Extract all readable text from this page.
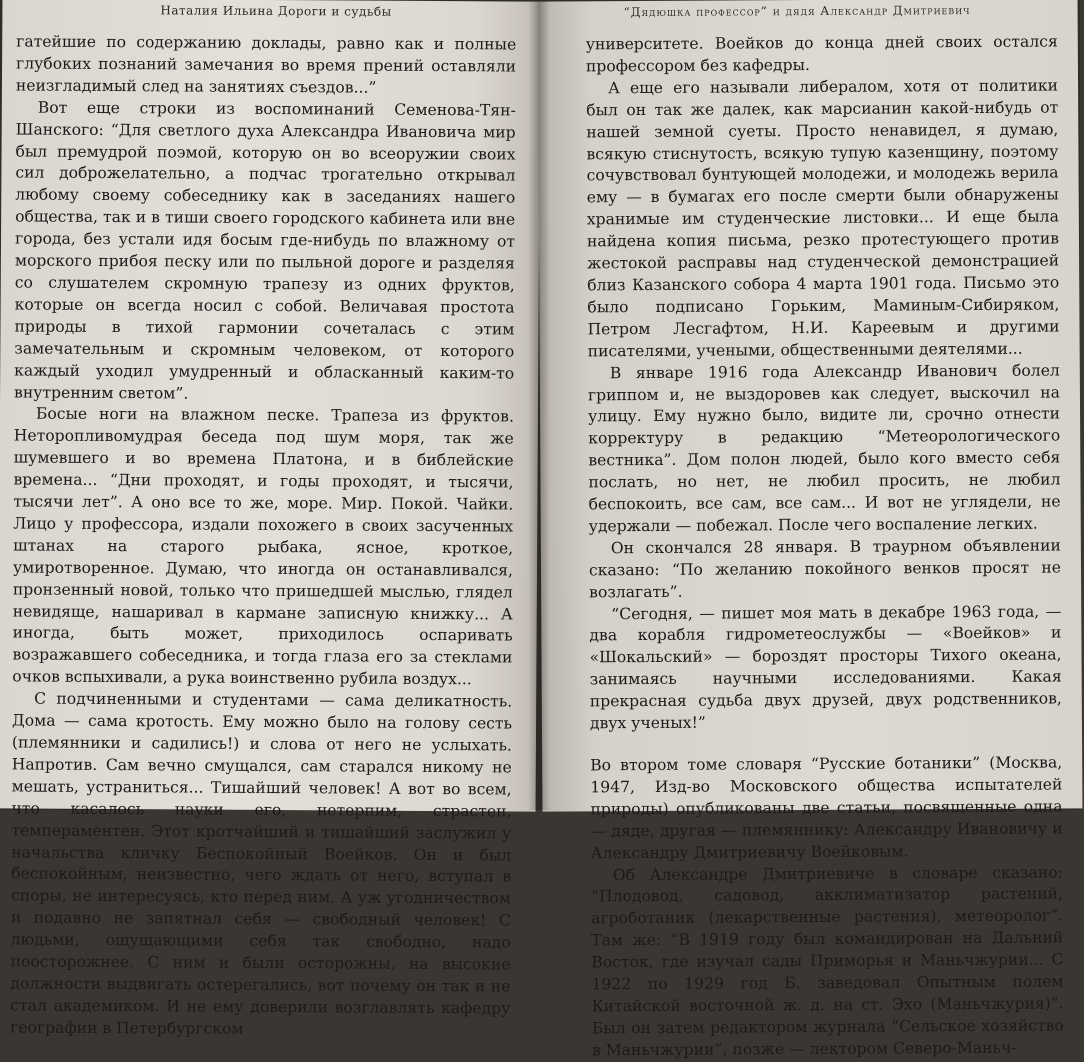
Наталия Ильина Дороги и судьбы

гатейшие по содержанию доклады, равно как и полные глубоких познаний замечания во время прений оставляли неизгладимый след на занятиях съездов...”

Вот еще строки из воспоминаний Семенова-Тян-Шанского: “Для светлого духа Александра Ивановича мир был премудрой поэмой, которую он во всеоружии своих сил доброжелательно, а подчас трогательно открывал любому своему собеседнику как в заседаниях нашего общества, так и в тиши своего городского кабинета или вне города, без устали идя босым где-нибудь по влажному от морского прибоя песку или по пыльной дороге и разделяя со слушателем скромную трапезу из одних фруктов, которые он всегда носил с собой. Величавая простота природы в тихой гармонии сочеталась с этим замечательным и скромным человеком, от которого каждый уходил умудренный и обласканный каким-то внутренним светом”.

Босые ноги на влажном песке. Трапеза из фруктов. Неторопливомудрая беседа под шум моря, так же шумевшего и во времена Платона, и в библейские времена... “Дни проходят, и годы проходят, и тысячи, тысячи лет”. А оно все то же, море. Мир. Покой. Чайки. Лицо у профессора, издали похожего в своих засученных штанах на старого рыбака, ясное, кроткое, умиротворенное. Думаю, что иногда он останавливался, пронзенный новой, только что пришедшей мыслью, глядел невидяще, нашаривал в кармане записную книжку... А иногда, быть может, приходилось оспаривать возражавшего собеседника, и тогда глаза его за стеклами очков вспыхивали, а рука воинственно рубила воздух...

С подчиненными и студентами — сама деликатность. Дома — сама кротость. Ему можно было на голову сесть (племянники и садились!) и слова от него не услыхать. Напротив. Сам вечно смущался, сам старался никому не мешать, устраниться... Тишайший человек! А вот во всем, что касалось науки его, нетерпим, страстен, темпераментен. Этот кротчайший и тишайший заслужил у начальства кличку Беспокойный Воейков. Он и был беспокойным, неизвестно, чего ждать от него, вступал в споры, не интересуясь, кто перед ним. А уж угодничеством и подавно не запятнал себя — свободный человек! С людьми, ощущающими себя так свободно, надо поосторожнее. С ним и были осторожны, на высокие должности выдвигать остерегались, вот почему он так и не стал академиком. И не ему доверили возглавлять кафедру географии в Петербургском

“Дядюшка профессор” и дядя Александр Дмитриевич

университете. Воейков до конца дней своих остался профессором без кафедры.

А еще его называли либералом, хотя от политики был он так же далек, как марсианин какой-нибудь от нашей земной суеты. Просто ненавидел, я думаю, всякую стиснутость, всякую тупую казенщину, поэтому сочувствовал бунтующей молодежи, и молодежь верила ему — в бумагах его после смерти были обнаружены хранимые им студенческие листовки... И еще была найдена копия письма, резко протестующего против жестокой расправы над студенческой демонстрацией близ Казанского собора 4 марта 1901 года. Письмо это было подписано Горьким, Маминым-Сибиряком, Петром Лесгафтом, Н.И. Кареевым и другими писателями, учеными, общественными деятелями...

В январе 1916 года Александр Иванович болел гриппом и, не выздоровев как следует, выскочил на улицу. Ему нужно было, видите ли, срочно отнести корректуру в редакцию “Метеорологического вестника”. Дом полон людей, было кого вместо себя послать, но нет, не любил просить, не любил беспокоить, все сам, все сам... И вот не углядели, не удержали — побежал. После чего воспаление легких.

Он скончался 28 января. В траурном объявлении сказано: “По желанию покойного венков просят не возлагать”.

“Сегодня, — пишет моя мать в декабре 1963 года, — два корабля гидрометеослужбы — «Воейков» и «Шокальский» — бороздят просторы Тихого океана, занимаясь научными исследованиями. Какая прекрасная судьба двух друзей, двух родственников, двух ученых!”

Во втором томе словаря “Русские ботаники” (Москва, 1947, Изд-во Московского общества испытателей природы) опубликованы две статьи, посвященные одна — дяде, другая — племяннику: Александру Ивановичу и Александру Дмитриевичу Воейковым.

Об Александре Дмитриевиче в словаре сказано: “Плодовод, садовод, акклиматизатор растений, агроботаник (лекарственные растения), метеоролог”. Там же: “В 1919 году был командирован на Дальний Восток, где изучал сады Приморья и Маньчжурии... С 1922 по 1929 год Б. заведовал Опытным полем Китайской восточной ж. д. на ст. Эхо (Маньчжурия)”. Был он затем редактором журнала “Сельское хозяйство в Маньчжурии”, позже — лектором Северо-Маньч-
